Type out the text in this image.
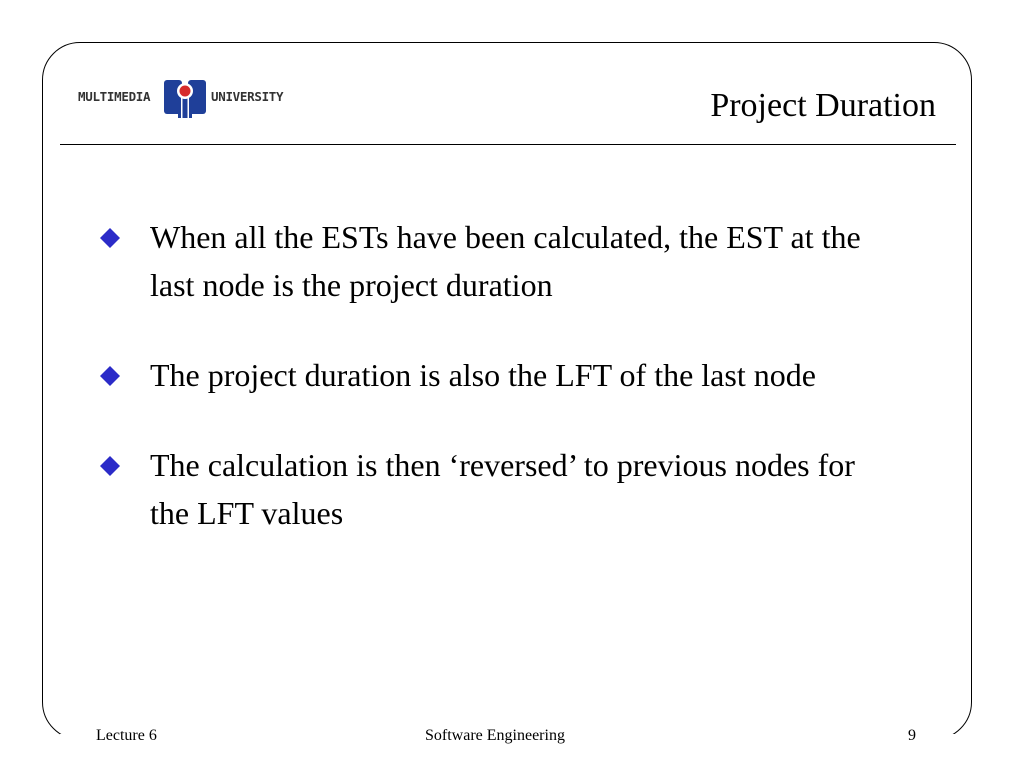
MULTIMEDIA	UNIVERSITY	Project Duration
When all the ESTs have been calculated, the EST at the last node is the project duration
The project duration is also the LFT of the last node
The calculation is then ‘reversed’ to previous nodes for the LFT values
Lecture 6	Software Engineering	9
